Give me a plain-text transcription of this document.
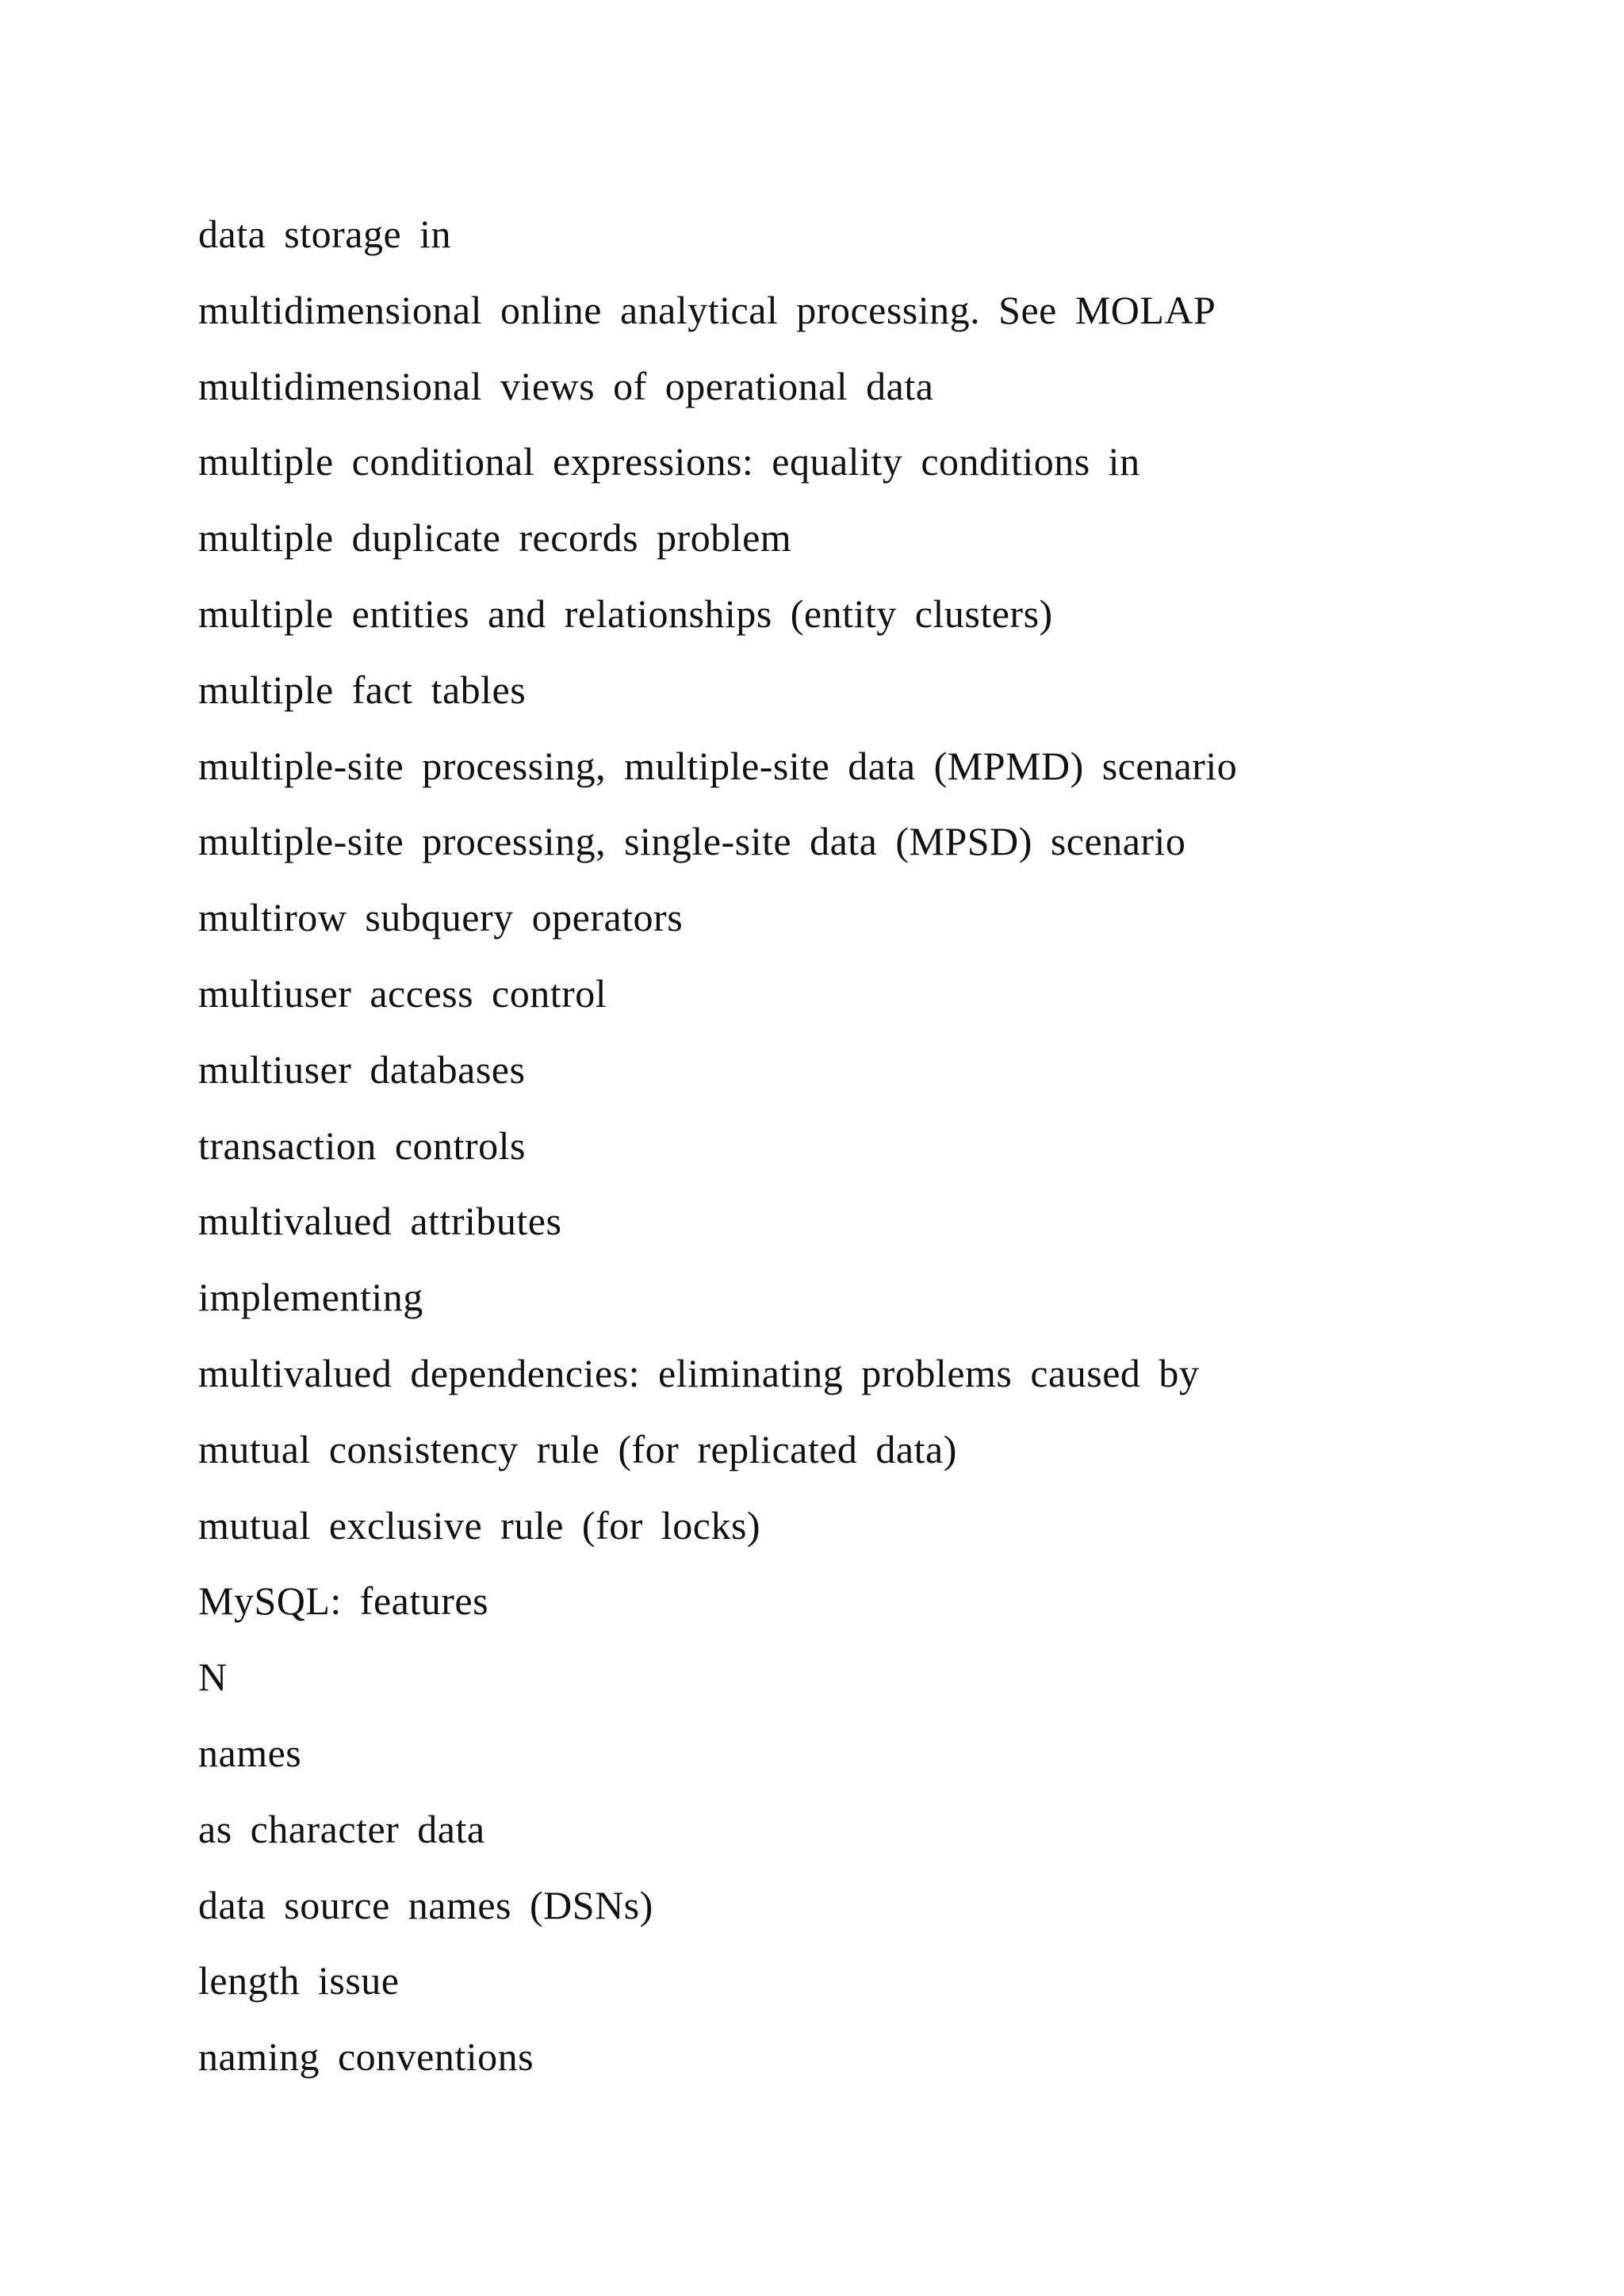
data storage in
multidimensional online analytical processing. See MOLAP
multidimensional views of operational data
multiple conditional expressions: equality conditions in
multiple duplicate records problem
multiple entities and relationships (entity clusters)
multiple fact tables
multiple-site processing, multiple-site data (MPMD) scenario
multiple-site processing, single-site data (MPSD) scenario
multirow subquery operators
multiuser access control
multiuser databases
transaction controls
multivalued attributes
implementing
multivalued dependencies: eliminating problems caused by
mutual consistency rule (for replicated data)
mutual exclusive rule (for locks)
MySQL: features
N
names
as character data
data source names (DSNs)
length issue
naming conventions
